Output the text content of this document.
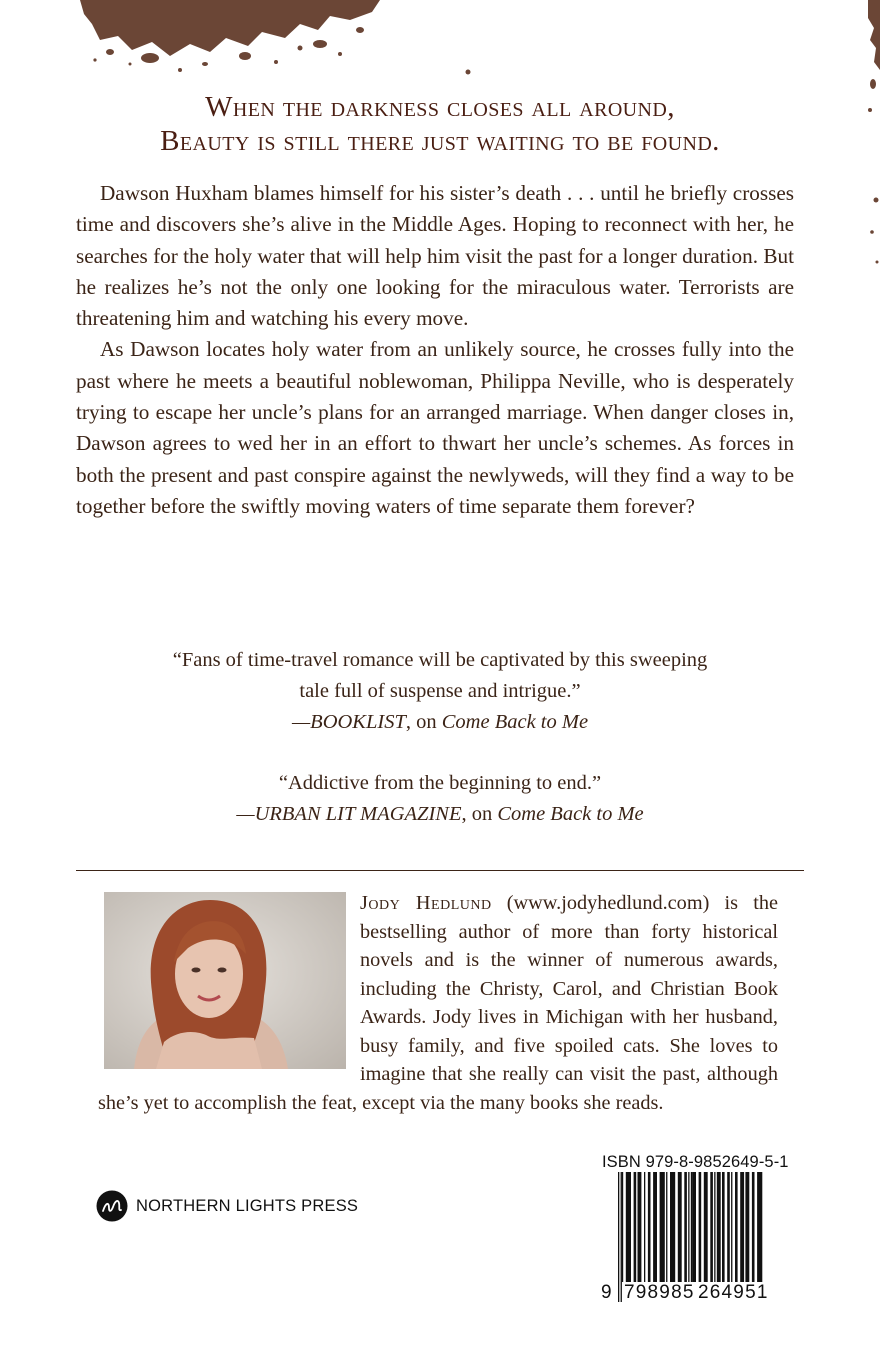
When the darkness closes all around,
Beauty is still there just waiting to be found.

Dawson Huxham blames himself for his sister’s death . . . until he briefly crosses time and discovers she’s alive in the Middle Ages. Hoping to reconnect with her, he searches for the holy water that will help him visit the past for a longer duration. But he realizes he’s not the only one looking for the miraculous water. Terrorists are threatening him and watching his every move.

As Dawson locates holy water from an unlikely source, he crosses fully into the past where he meets a beautiful noblewoman, Philippa Neville, who is desperately trying to escape her uncle’s plans for an arranged marriage. When danger closes in, Dawson agrees to wed her in an effort to thwart her uncle’s schemes. As forces in both the present and past conspire against the newlyweds, will they find a way to be together before the swiftly moving waters of time separate them forever?

“Fans of time-travel romance will be captivated by this sweeping
tale full of suspense and intrigue.”
—BOOKLIST, on Come Back to Me
“Addictive from the beginning to end.”
—URBAN LIT MAGAZINE, on Come Back to Me
Jody Hedlund (www.jodyhedlund.com) is the bestselling author of more than forty historical novels and is the winner of numerous awards, including the Christy, Carol, and Christian Book Awards. Jody lives in Michigan with her husband, busy family, and five spoiled cats. She loves to imagine that she really can visit the past, although she’s yet to accomplish the feat, except via the many books she reads.
NORTHERN LIGHTS PRESS
ISBN 979-8-9852649-5-1
9 798985 264951
